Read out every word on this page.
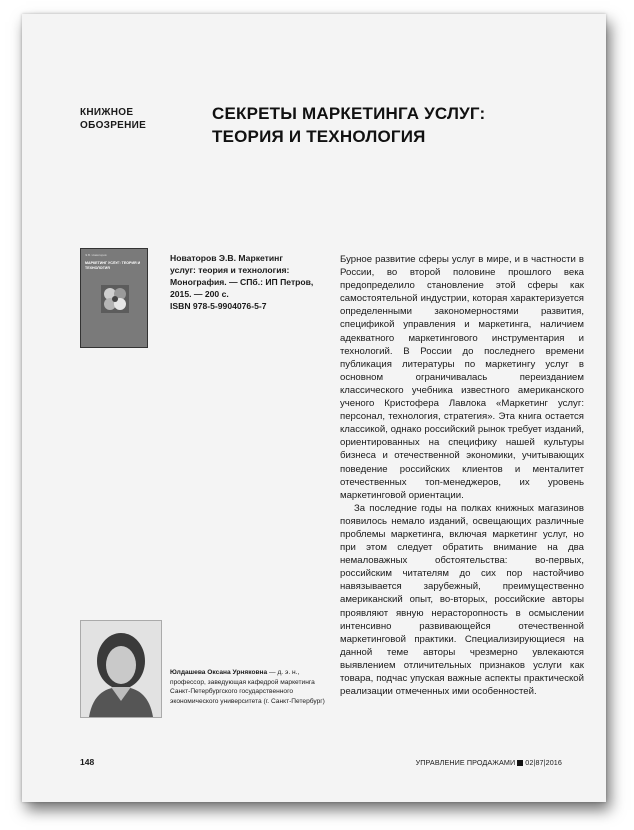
КНИЖНОЕ
ОБОЗРЕНИЕ
СЕКРЕТЫ МАРКЕТИНГА УСЛУГ: ТЕОРИЯ И ТЕХНОЛОГИЯ
Э.В. Новаторов
МАРКЕТИНГ УСЛУГ: ТЕОРИЯ И ТЕХНОЛОГИЯ
Новаторов Э.В. Маркетинг
услуг: теория и технология:
Монография. — СПб.: ИП Петров,
2015. — 200 с.
ISBN 978-5-9904076-5-7
Юлдашева Оксана Урняковна — д. э. н., профессор, заведующая кафедрой маркетинга Санкт-Петербургского государственного экономического университета (г. Санкт-Петербург)

Бурное развитие сферы услуг в мире, и в частности в России, во второй половине прошлого века предопределило становление этой сферы как самостоятельной индустрии, которая характеризуется определенными закономерностями развития, спецификой управления и маркетинга, наличием адекватного маркетингового инструментария и технологий. В России до последнего времени публикация литературы по маркетингу услуг в основном ограничивалась переизданием классического учебника известного американского ученого Кристофера Лавлока «Маркетинг услуг: персонал, технология, стратегия». Эта книга остается классикой, однако российский рынок требует изданий, ориентированных на специфику нашей культуры бизнеса и отечественной экономики, учитывающих поведение российских клиентов и менталитет отечественных топ-менеджеров, их уровень маркетинговой ориентации.

За последние годы на полках книжных магазинов появилось немало изданий, освещающих различные проблемы маркетинга, включая маркетинг услуг, но при этом следует обратить внимание на два немаловажных обстоятельства: во-первых, российским читателям до сих пор настойчиво навязывается зарубежный, преимущественно американский опыт, во-вторых, российские авторы проявляют явную нерасторопность в осмыслении интенсивно развивающейся отечественной маркетинговой практики. Специализирующиеся на данной теме авторы чрезмерно увлекаются выявлением отличительных признаков услуги как товара, подчас упуская важные аспекты практической реализации отмеченных ими особенностей.

148	УПРАВЛЕНИЕ ПРОДАЖАМИ 02|87|2016
